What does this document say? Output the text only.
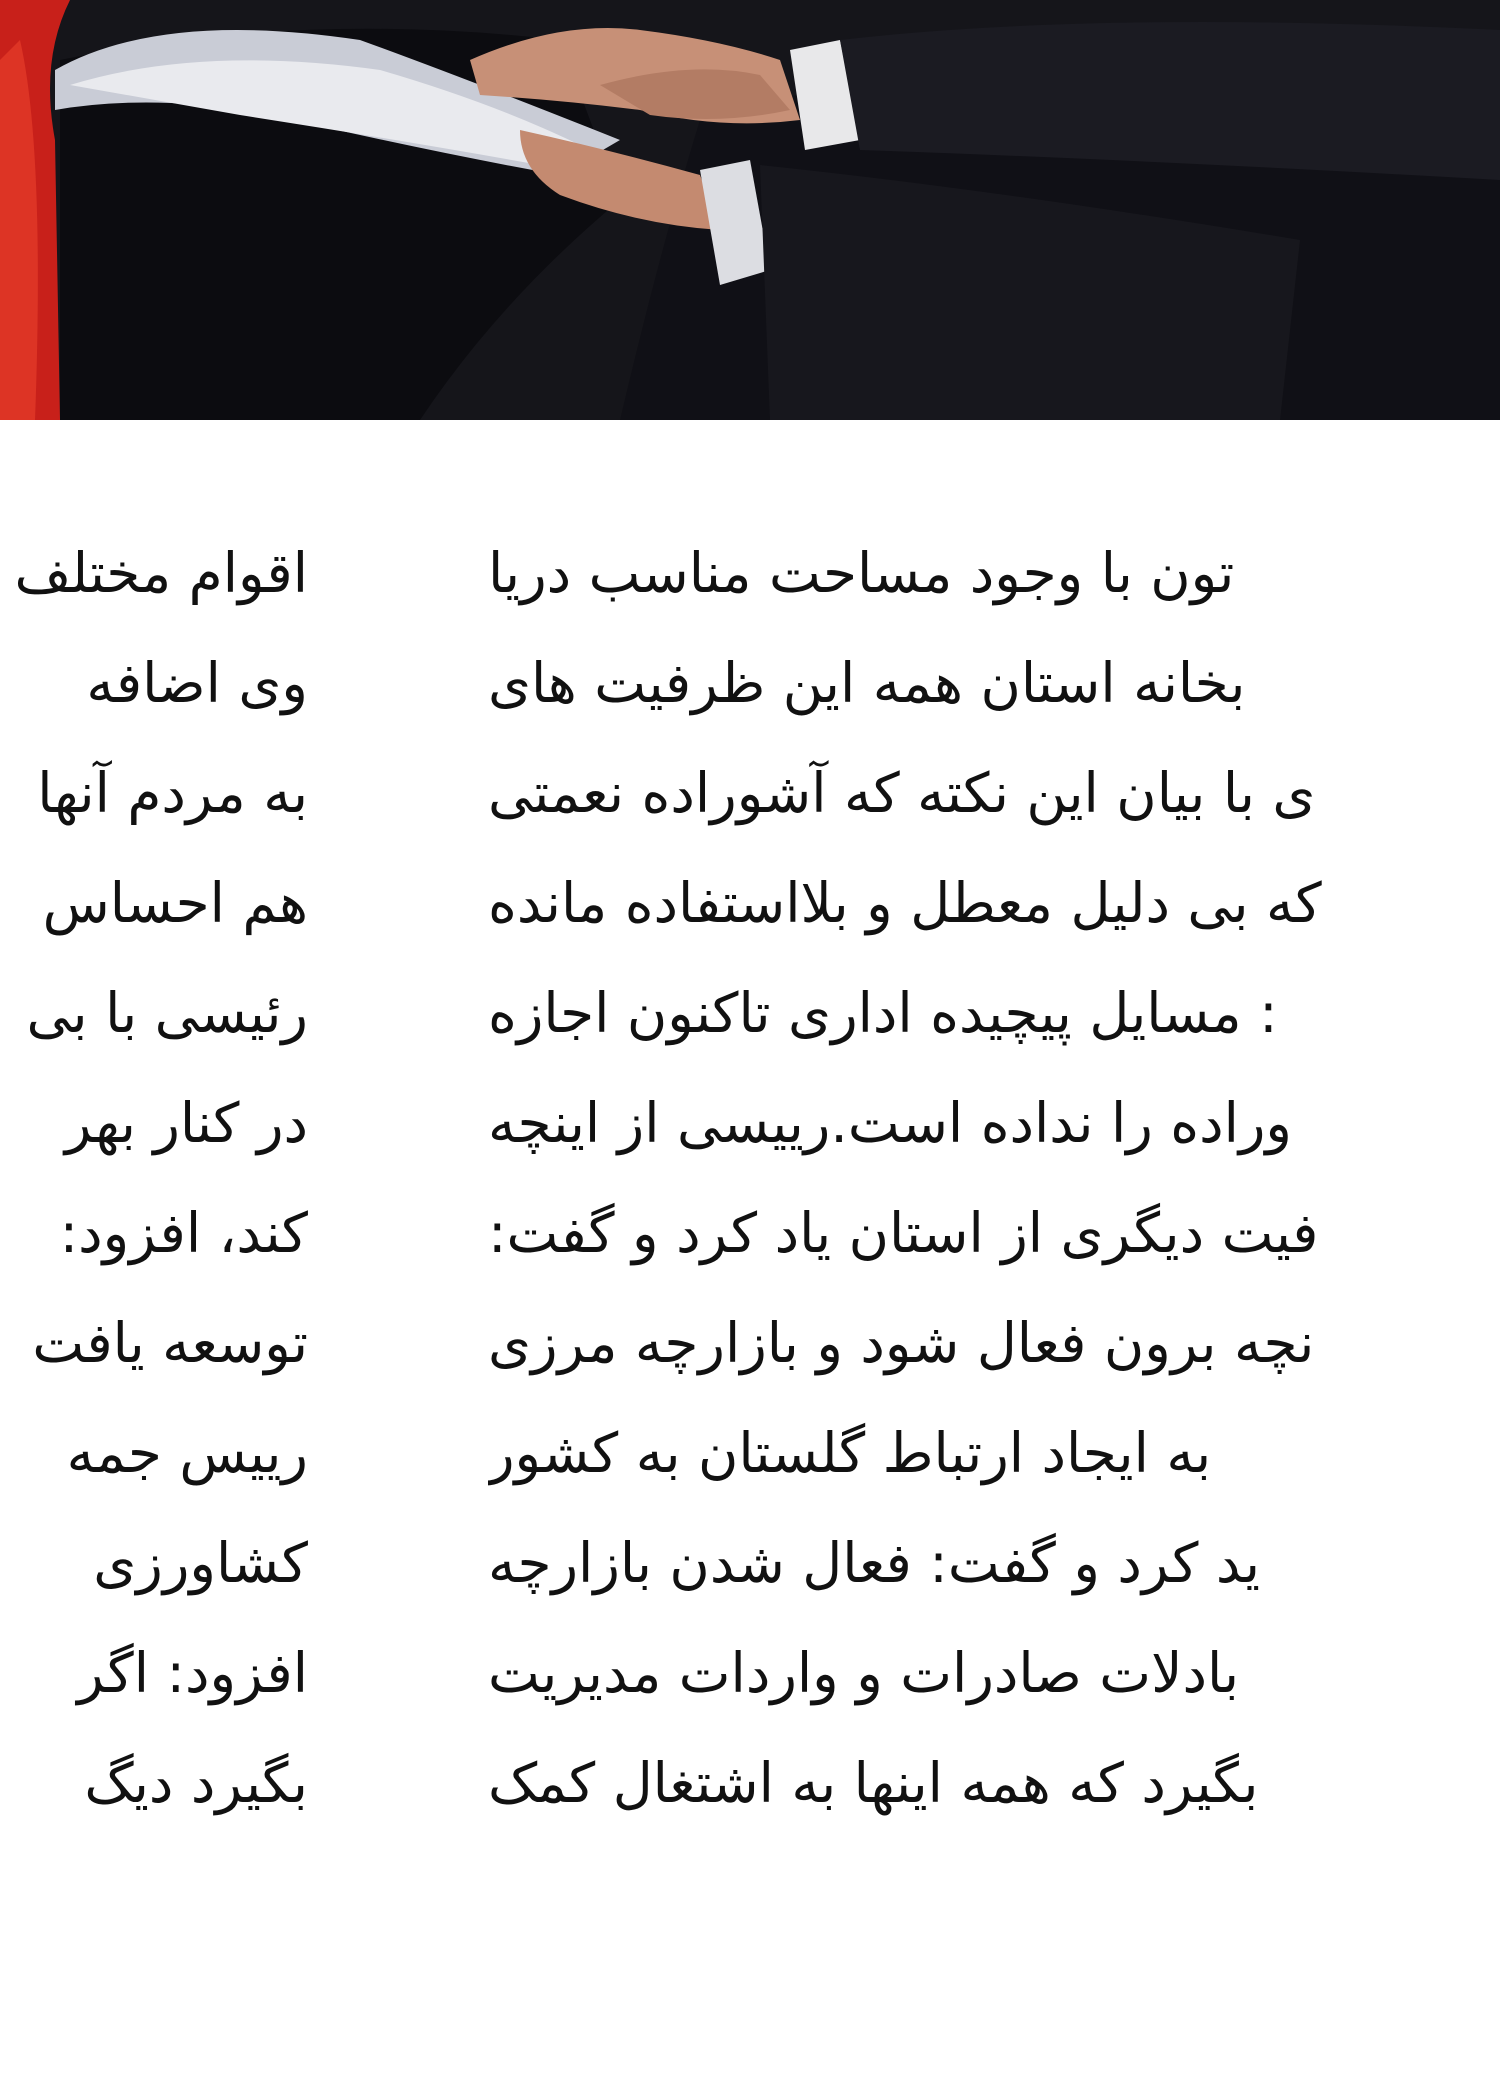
تون با وجود مساحت مناسب دریا
بخانه استان همه این ظرفیت های
ی با بیان این نکته که آشوراده نعمتی
که بی دلیل معطل و بلااستفاده مانده
: مسایل پیچیده اداری تاکنون اجازه
وراده را نداده است.رییسی از اینچه
فیت دیگری از استان یاد کرد و گفت:
نچه برون فعال شود و بازارچه مرزی
به ایجاد ارتباط گلستان به کشور
ید کرد و گفت: فعال شدن بازارچه
بادلات صادرات و واردات مدیریت
بگیرد که همه اینها به اشتغال کمک
اقوام مختلف
وی اضافه
به مردم آنها
هم احساس
رئیسی با بی
در کنار بهر
کند، افزود:
توسعه یافت
رییس جمه
کشاورزی
افزود: اگر
بگیرد دیگ
